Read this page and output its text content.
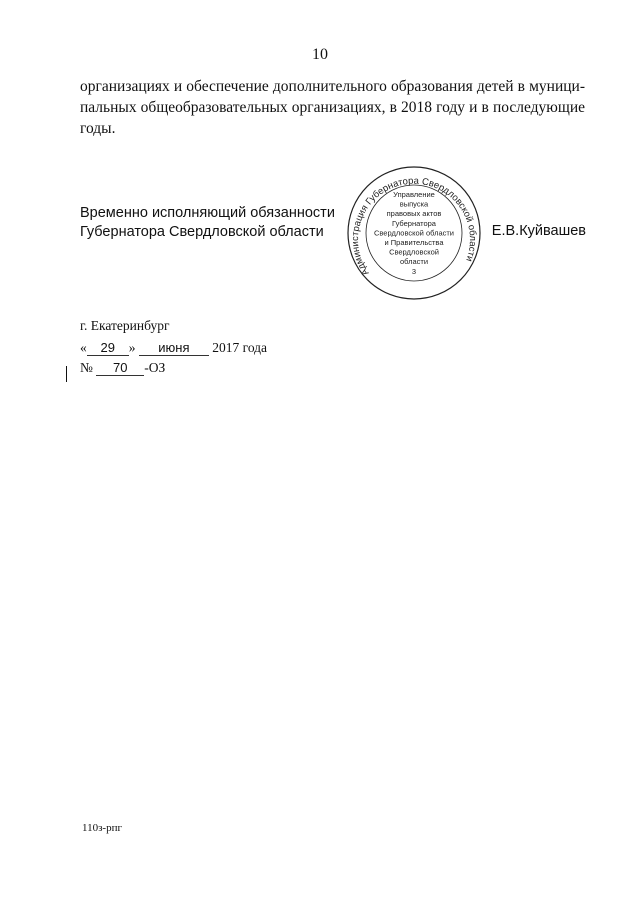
10
организациях и обеспечение дополнительного образования детей в муници-пальных общеобразовательных организациях, в 2018 году и в последующие годы.
Временно исполняющий обязанности
Губернатора Свердловской области	Е.В.Куйвашев
Администрация Губернатора Свердловской области
Управление
выпуска
правовых актов
Губернатора
Свердловской области
и Правительства
Свердловской
области
3
г. Екатеринбург
« 29 » июня 2017 года
№ 70 -ОЗ
110з-рпг
